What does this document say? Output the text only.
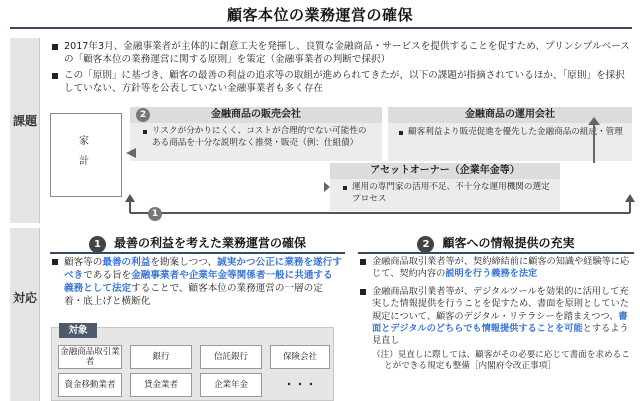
顧客本位の業務運営の確保
課題
対応
2017年3月、金融事業者が主体的に創意工夫を発揮し、良質な金融商品・サービスを提供することを促すため、プリンシプルベースの「顧客本位の業務運営に関する原則」を策定（金融事業者の判断で採択）
この「原則」に基づき、顧客の最善の利益の追求等の取組が進められてきたが、以下の課題が指摘されているほか、「原則」を採択していない、方針等を公表していない金融事業者も多く存在
家計
2	金融商品の販売会社
リスクが分かりにくく、コストが合理的でない可能性のある商品を十分な説明なく推奨・販売（例：仕組債）
金融商品の運用会社
顧客利益より販売促進を優先した金融商品の組成・管理
アセットオーナー（企業年金等）
運用の専門家の活用不足、不十分な運用機関の選定プロセス
1
1 最善の利益を考えた業務運営の確保
顧客等の最善の利益を勘案しつつ、誠実かつ公正に業務を遂行すべきである旨を金融事業者や企業年金等関係者一般に共通する義務として法定することで、顧客本位の業務運営の一層の定着・底上げと横断化
対象
金融商品取引業者
銀行	信託銀行	保険会社
資金移動業者	貸金業者	企業年金	・・・
2 顧客への情報提供の充実
金融商品取引業者等が、契約締結前に顧客の知識や経験等に応じて、契約内容の説明を行う義務を法定
金融商品取引業者等が、デジタルツールを効果的に活用して充実した情報提供を行うことを促すため、書面を原則としていた規定について、顧客のデジタル・リテラシーを踏まえつつ、書面とデジタルのどちらでも情報提供することを可能とするよう見直し
（注）見直しに際しては、顧客がその必要に応じて書面を求めることができる規定も整備［内閣府令改正事項］
